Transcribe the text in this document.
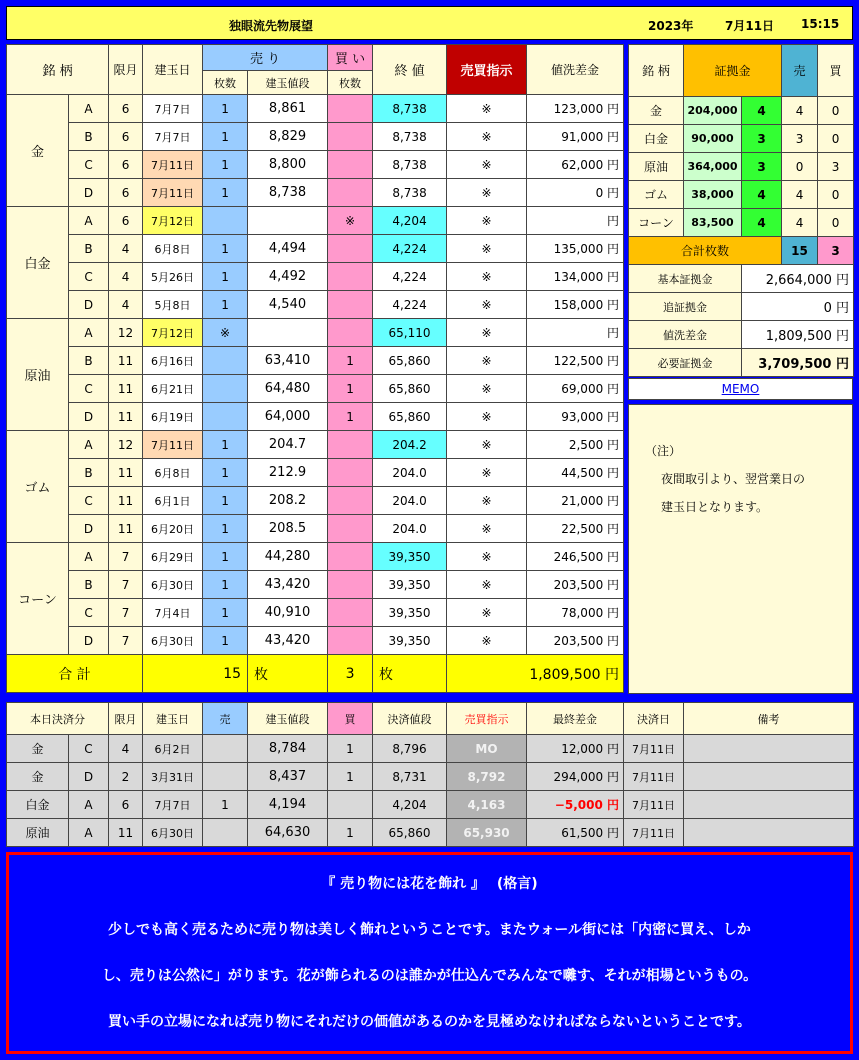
独眼流先物展望	2023年	7月11日 15:15
銘 柄		限月	建玉日	売 り		買 い	終 値	売買指示	値洗差金
				枚数	建玉値段	枚数			
金	A	6	7月7日	1	8,861		8,738	※	123,000 円
	B	6	7月7日	1	8,829		8,738	※	91,000 円
	C	6	7月11日	1	8,800		8,738	※	62,000 円
	D	6	7月11日	1	8,738		8,738	※	0 円
白金	A	6	7月12日			※	4,204	※	円
	B	4	6月8日	1	4,494		4,224	※	135,000 円
	C	4	5月26日	1	4,492		4,224	※	134,000 円
	D	4	5月8日	1	4,540		4,224	※	158,000 円
原油	A	12	7月12日	※			65,110	※	円
	B	11	6月16日		63,410	1	65,860	※	122,500 円
	C	11	6月21日		64,480	1	65,860	※	69,000 円
	D	11	6月19日		64,000	1	65,860	※	93,000 円
ゴム	A	12	7月11日	1	204.7		204.2	※	2,500 円
	B	11	6月8日	1	212.9		204.0	※	44,500 円
	C	11	6月1日	1	208.2		204.0	※	21,000 円
	D	11	6月20日	1	208.5		204.0	※	22,500 円
コーン	A	7	6月29日	1	44,280		39,350	※	246,500 円
	B	7	6月30日	1	43,420		39,350	※	203,500 円
	C	7	7月4日	1	40,910		39,350	※	78,000 円
	D	7	6月30日	1	43,420		39,350	※	203,500 円
合 計			15		枚	3	枚	1,809,500 円	
銘 柄	証拠金		売	買
金	204,000	4	4	0
白金	90,000	3	3	0
原油	364,000	3	0	3
ゴム	38,000	4	4	0
コーン	83,500	4	4	0
合計枚数			15	3
基本証拠金		2,664,000 円		
追証拠金		0 円		
値洗差金		1,809,500 円		
必要証拠金		3,709,500 円		
MEMO
（注）
夜間取引より、翌営業日の
建玉日となります。
本日決済分		限月	建玉日	売	建玉値段	買	決済値段	売買指示	最終差金	決済日	備考
金	C	4	6月2日		8,784	1	8,796	MO	12,000 円	7月11日	
金	D	2	3月31日		8,437	1	8,731	8,792	294,000 円	7月11日	
白金	A	6	7月7日	1	4,194		4,204	4,163	−5,000 円	7月11日	
原油	A	11	6月30日		64,630	1	65,860	65,930	61,500 円	7月11日	
『 売り物には花を飾れ 』　 (格言)
少しでも高く売るために売り物は美しく飾れということです。またウォール街には「内密に買え、しか
し、売りは公然に」がります。花が飾られるのは誰かが仕込んでみんなで囃す、それが相場というもの。
買い手の立場になれば売り物にそれだけの価値があるのかを見極めなければならないということです。
